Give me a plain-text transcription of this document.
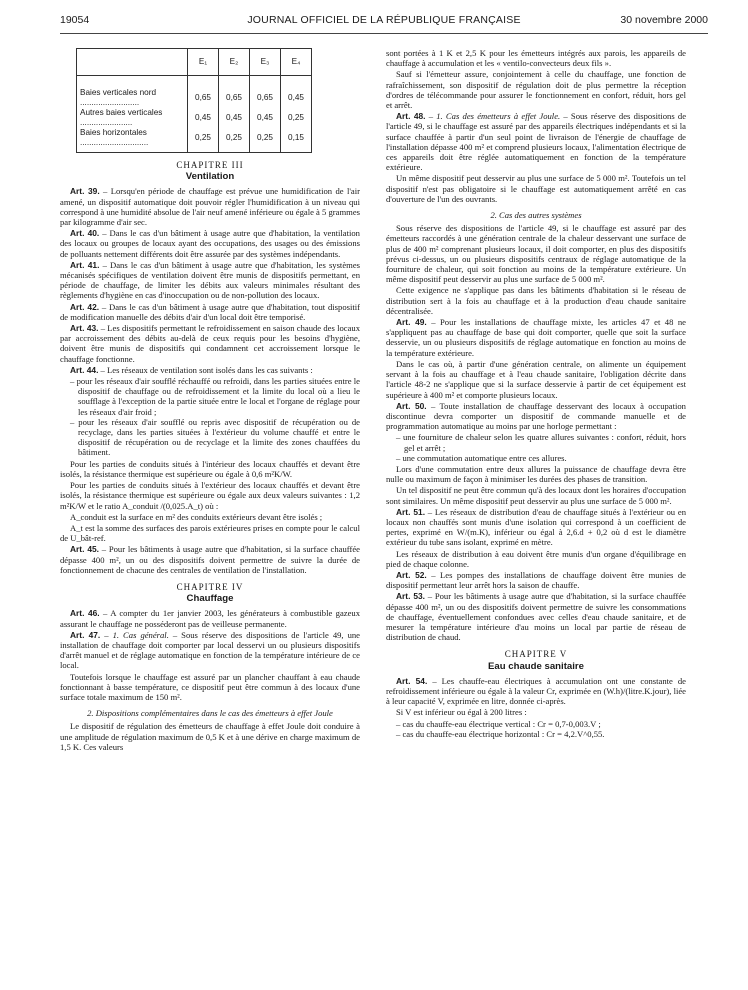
19054	JOURNAL OFFICIEL DE LA RÉPUBLIQUE FRANÇAISE	30 novembre 2000
	E₁	E₂	E₃	E₄
Baies verticales nord ..........................	0,65	0,65	0,65	0,45
Autres baies verticales .......................	0,45	0,45	0,45	0,25
Baies horizontales ..............................	0,25	0,25	0,25	0,15
CHAPITRE III
Ventilation

Art. 39. – Lorsqu'en période de chauffage est prévue une humidification de l'air amené, un dispositif automatique doit pouvoir régler l'humidification à un niveau qui correspond à une humidité absolue de l'air neuf amené inférieure ou égale à 5 grammes par kilogramme d'air sec.

Art. 40. – Dans le cas d'un bâtiment à usage autre que d'habitation, la ventilation des locaux ou groupes de locaux ayant des occupations, des usages ou des émissions de polluants nettement différents doit être assurée par des systèmes indépendants.

Art. 41. – Dans le cas d'un bâtiment à usage autre que d'habitation, les systèmes mécanisés spécifiques de ventilation doivent être munis de dispositifs permettant, en période de chauffage, de limiter les débits aux valeurs minimales résultant des règlements d'hygiène en cas d'inoccupation ou de non-pollution des locaux.

Art. 42. – Dans le cas d'un bâtiment à usage autre que d'habitation, tout dispositif de modification manuelle des débits d'air d'un local doit être temporisé.

Art. 43. – Les dispositifs permettant le refroidissement en saison chaude des locaux par accroissement des débits au-delà de ceux requis pour les besoins d'hygiène, doivent être munis de dispositifs qui condamnent cet accroissement lorsque le chauffage fonctionne.

Art. 44. – Les réseaux de ventilation sont isolés dans les cas suivants :

– pour les réseaux d'air soufflé réchauffé ou refroidi, dans les parties situées entre le dispositif de chauffage ou de refroidissement et la limite du local où a lieu le soufflage à l'exception de la partie située entre le local et l'organe de réglage pour les réseaux d'air froid ;
– pour les réseaux d'air soufflé ou repris avec dispositif de récupération ou de recyclage, dans les parties situées à l'extérieur du volume chauffé et entre le dispositif de récupération ou de recyclage et la limite des zones chauffées du bâtiment.

Pour les parties de conduits situés à l'intérieur des locaux chauffés et devant être isolés, la résistance thermique est supérieure ou égale à 0,6 m²K/W.

Pour les parties de conduits situés à l'extérieur des locaux chauffés et devant être isolés, la résistance thermique est supérieure ou égale aux deux valeurs suivantes : 1,2 m²K/W et le ratio A_conduit /(0,025.A_t) où :

A_conduit est la surface en m² des conduits extérieurs devant être isolés ;

A_t est la somme des surfaces des parois extérieures prises en compte pour le calcul de U_bât-ref.

Art. 45. – Pour les bâtiments à usage autre que d'habitation, si la surface chauffée dépasse 400 m², un ou des dispositifs doivent permettre de suivre la durée de fonctionnement de chacune des centrales de ventilation de l'installation.

CHAPITRE IV
Chauffage

Art. 46. – A compter du 1er janvier 2003, les générateurs à combustible gazeux assurant le chauffage ne posséderont pas de veilleuse permanente.

Art. 47. – 1. Cas général. – Sous réserve des dispositions de l'article 49, une installation de chauffage doit comporter par local desservi un ou plusieurs dispositifs d'arrêt manuel et de réglage automatique en fonction de la température intérieure de ce local.

Toutefois lorsque le chauffage est assuré par un plancher chauffant à eau chaude fonctionnant à basse température, ce dispositif peut être commun à des locaux d'une surface totale maximum de 150 m².

2. Dispositions complémentaires dans le cas des émetteurs à effet Joule

Le dispositif de régulation des émetteurs de chauffage à effet Joule doit conduire à une amplitude de régulation maximum de 0,5 K et à une dérive en charge maximum de 1,5 K. Ces valeurs

sont portées à 1 K et 2,5 K pour les émetteurs intégrés aux parois, les appareils de chauffage à accumulation et les « ventilo-convecteurs deux fils ».

Sauf si l'émetteur assure, conjointement à celle du chauffage, une fonction de rafraîchissement, son dispositif de régulation doit de plus permettre la réception d'ordres de télécommande pour assurer le fonctionnement en confort, réduit, hors gel et arrêt.

Art. 48. – 1. Cas des émetteurs à effet Joule. – Sous réserve des dispositions de l'article 49, si le chauffage est assuré par des appareils électriques indépendants et si la surface chauffée à partir d'un seul point de livraison de l'énergie de chauffage de l'installation dépasse 400 m² et comprend plusieurs locaux, l'alimentation électrique de ces appareils doit être réglée automatiquement en fonction de la température extérieure.

Un même dispositif peut desservir au plus une surface de 5 000 m². Toutefois un tel dispositif n'est pas obligatoire si le chauffage est automatiquement arrêté en cas d'ouverture de l'un des ouvrants.

2. Cas des autres systèmes

Sous réserve des dispositions de l'article 49, si le chauffage est assuré par des émetteurs raccordés à une génération centrale de la chaleur desservant une surface de plus de 400 m² comprenant plusieurs locaux, il doit comporter, en plus des dispositifs prévus ci-dessus, un ou plusieurs dispositifs centraux de réglage automatique de la fourniture de chaleur, qui soit fonction au moins de la température extérieure. Un même dispositif peut desservir au plus une surface de 5 000 m².

Cette exigence ne s'applique pas dans les bâtiments d'habitation si le réseau de distribution sert à la fois au chauffage et à la production d'eau chaude sanitaire décentralisée.

Art. 49. – Pour les installations de chauffage mixte, les articles 47 et 48 ne s'appliquent pas au chauffage de base qui doit comporter, quelle que soit la surface desservie, un ou plusieurs dispositifs de réglage automatique en fonction au moins de la température extérieure.

Dans le cas où, à partir d'une génération centrale, on alimente un équipement servant à la fois au chauffage et à l'eau chaude sanitaire, l'obligation décrite dans l'article 48-2 ne s'applique que si la surface desservie à partir de cet équipement est supérieure à 400 m² et comporte plusieurs locaux.

Art. 50. – Toute installation de chauffage desservant des locaux à occupation discontinue devra comporter un dispositif de commande manuelle et de programmation automatique au moins par une horloge permettant :

– une fourniture de chaleur selon les quatre allures suivantes : confort, réduit, hors gel et arrêt ;
– une commutation automatique entre ces allures.

Lors d'une commutation entre deux allures la puissance de chauffage devra être nulle ou maximum de façon à minimiser les durées des phases de transition.

Un tel dispositif ne peut être commun qu'à des locaux dont les horaires d'occupation sont similaires. Un même dispositif peut desservir au plus une surface de 5 000 m².

Art. 51. – Les réseaux de distribution d'eau de chauffage situés à l'extérieur ou en locaux non chauffés sont munis d'une isolation qui correspond à un coefficient de pertes, exprimé en W/(m.K), inférieur ou égal à 2,6.d + 0,2 où d est le diamètre extérieur du tube sans isolant, exprimé en mètre.

Les réseaux de distribution à eau doivent être munis d'un organe d'équilibrage en pied de chaque colonne.

Art. 52. – Les pompes des installations de chauffage doivent être munies de dispositif permettant leur arrêt hors la saison de chauffe.

Art. 53. – Pour les bâtiments à usage autre que d'habitation, si la surface chauffée dépasse 400 m², un ou des dispositifs doivent permettre de suivre les consommations de chauffage, éventuellement confondues avec celles d'eau chaude sanitaire, et de mesurer la température intérieure d'au moins un local par partie de réseau de distribution de chaud.

CHAPITRE V
Eau chaude sanitaire

Art. 54. – Les chauffe-eau électriques à accumulation ont une constante de refroidissement inférieure ou égale à la valeur Cr, exprimée en (W.h)/(litre.K.jour), liée à leur capacité V, exprimée en litre, donnée ci-après.

Si V est inférieur ou égal à 200 litres :

– cas du chauffe-eau électrique vertical : Cr = 0,7-0,003.V ;
– cas du chauffe-eau électrique horizontal : Cr = 4,2.V^0,55.
